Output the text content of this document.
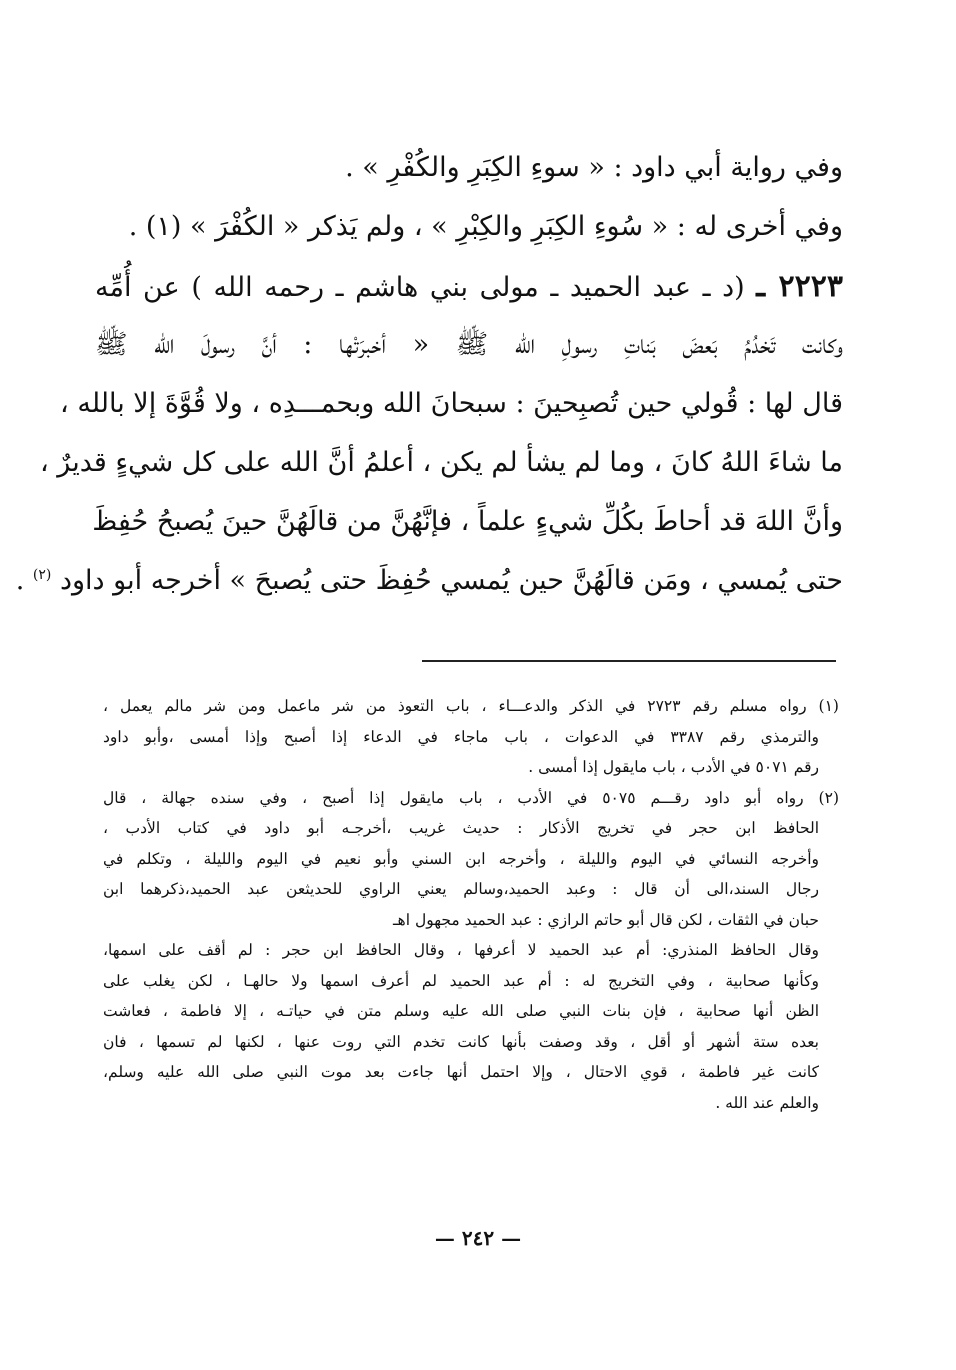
وفي رواية أبي داود : « سوءِ الكِبَرِ والكُفْرِ » .
وفي أخرى له : « سُوءِ الكِبَرِ والكِبْرِ » ، ولم يَذكر « الكُفْرَ » (١) .
٢٢٢٣ ـ (د ـ عبد الحميد ـ مولى بني هاشم ـ رحمه الله ) عن أُمِّه
وكانت تَخدُمُ بَعضَ بَناتِ رسولِ الله ﷺ « أخبرَتْها : أنَّ رسولَ الله ﷺ
قال لها : قُولي حين تُصبِحينَ : سبحانَ الله وبحمـــدِه ، ولا قُوَّةَ إلا بالله ،
ما شاءَ اللهُ كانَ ، وما لم يشأ لم يكن ، أعلمُ أنَّ الله على كل شيءٍ قديرٌ ،
وأنَّ اللهَ قد أحاطَ بكُلِّ شيءٍ علماً ، فإنَّهُنَّ من قالَهُنَّ حينَ يُصبحُ حُفِظَ
حتى يُمسي ، ومَن قالَهُنَّ حين يُمسي حُفِظَ حتى يُصبحَ » أخرجه أبو داود $^{(٢)}$ .
(١) رواه مسلم رقم ٢٧٢٣ في الذكر والدعـــاء ، باب التعوذ من شر ماعمل ومن شر مالم يعمل ،
والترمذي رقم ٣٣٨٧ في الدعوات ، باب ماجاء في الدعاء إذا أصبح وإذا أمسى ،وأبو داود
رقم ٥٠٧١ في الأدب ، باب مايقول إذا أمسى .
(٢) رواه أبو داود رقـــم ٥٠٧٥ في الأدب ، باب مايقول إذا أصبح ، وفي سنده جهالة ، قال
الحافظ ابن حجر في تخريج الأذكار : حديث غريب ،أخرجـه أبو داود في كتاب الأدب ،
وأخرجه النسائي في اليوم والليلة ، وأخرجه ابن السني وأبو نعيم في اليوم والليلة ، وتكلم في
رجال السند،الى أن قال : وعبد الحميد،وسالم يعني الراوي للحديثعن عبد الحميد،ذكرهما ابن
حبان في الثقات ، لكن قال أبو حاتم الرازي : عبد الحميد مجهول اهـ
وقال الحافظ المنذري: أم عبد الحميد لا أعرفها ، وقال الحافظ ابن حجر : لم أقف على اسمها،
وكأنها صحابية ، وفي التخريج له : أم عبد الحميد لم أعرف اسمها ولا حالهـا ، لكن يغلب على
الظن أنها صحابية ، فإن بنات النبي صلى الله عليه وسلم متن في حياتـه ، إلا فاطمة ، فعاشت
بعده ستة أشهر أو أقل ، وقد وصفت بأنها كانت تخدم التي روت عنها ، لكنها لم تسمها ، فان
كانت غير فاطمة ، قوي الاحتال ، وإلا احتمل أنها جاءت بعد موت النبي صلى الله عليه وسلم،
والعلم عند الله .
— ٢٤٢ —
